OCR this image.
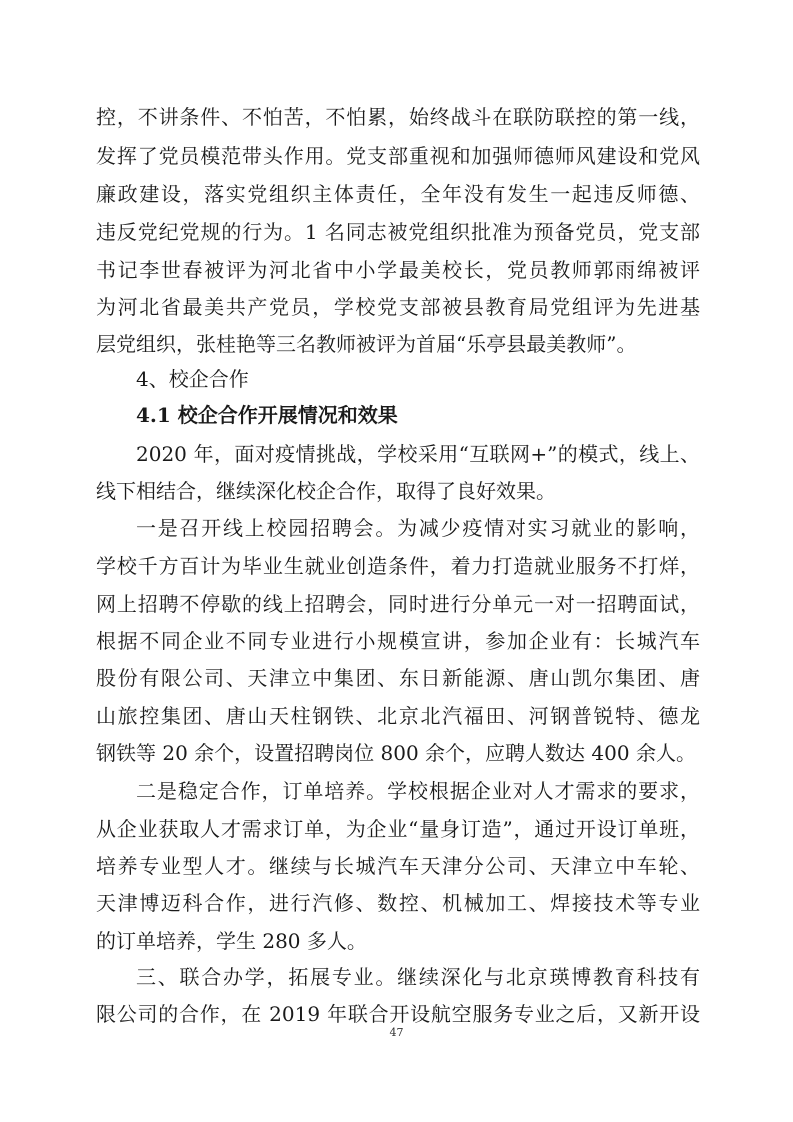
控，不讲条件、不怕苦，不怕累，始终战斗在联防联控的第一线，
发挥了党员模范带头作用。党支部重视和加强师德师风建设和党风
廉政建设，落实党组织主体责任，全年没有发生一起违反师德、
违反党纪党规的行为。1 名同志被党组织批准为预备党员，党支部
书记李世春被评为河北省中小学最美校长，党员教师郭雨绵被评
为河北省最美共产党员，学校党支部被县教育局党组评为先进基
层党组织，张桂艳等三名教师被评为首届“乐亭县最美教师”。
4、校企合作
4.1 校企合作开展情况和效果
2020 年，面对疫情挑战，学校采用“互联网+”的模式，线上、
线下相结合，继续深化校企合作，取得了良好效果。
一是召开线上校园招聘会。为减少疫情对实习就业的影响，
学校千方百计为毕业生就业创造条件，着力打造就业服务不打烊，
网上招聘不停歇的线上招聘会，同时进行分单元一对一招聘面试，
根据不同企业不同专业进行小规模宣讲，参加企业有：长城汽车
股份有限公司、天津立中集团、东日新能源、唐山凯尔集团、唐
山旅控集团、唐山天柱钢铁、北京北汽福田、河钢普锐特、德龙
钢铁等 20 余个，设置招聘岗位 800 余个，应聘人数达 400 余人。
二是稳定合作，订单培养。学校根据企业对人才需求的要求，
从企业获取人才需求订单，为企业“量身订造”，通过开设订单班，
培养专业型人才。继续与长城汽车天津分公司、天津立中车轮、
天津博迈科合作，进行汽修、数控、机械加工、焊接技术等专业
的订单培养，学生 280 多人。
三、联合办学，拓展专业。继续深化与北京瑛博教育科技有
限公司的合作，在 2019 年联合开设航空服务专业之后，又新开设
47
